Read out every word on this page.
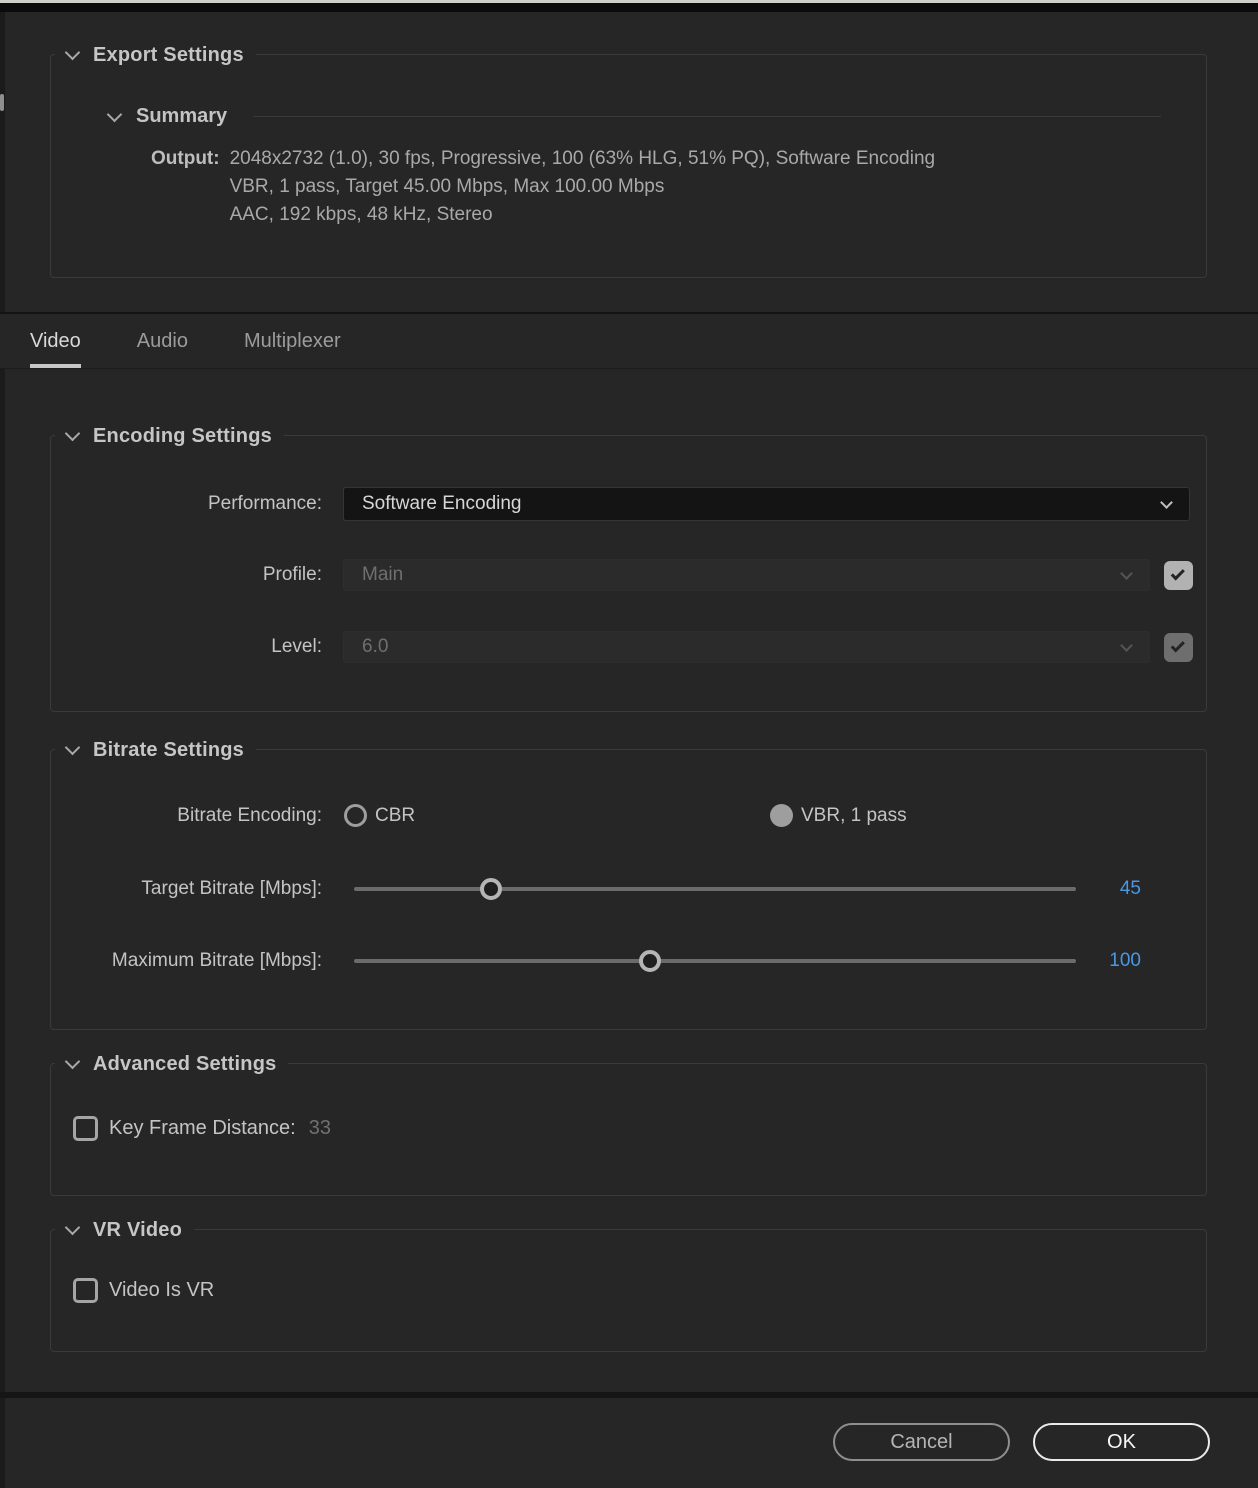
Export Settings
Summary
Output: 2048x2732 (1.0), 30 fps, Progressive, 100 (63% HLG, 51% PQ), Software Encoding
VBR, 1 pass, Target 45.00 Mbps, Max 100.00 Mbps
AAC, 192 kbps, 48 kHz, Stereo
Video	Audio	Multiplexer
Encoding Settings
Performance: Software Encoding
Profile: Main
Level: 6.0
Bitrate Settings
Bitrate Encoding:	CBR	VBR, 1 pass
Target Bitrate [Mbps]:	45
Maximum Bitrate [Mbps]:	100
Advanced Settings
Key Frame Distance: 33
VR Video
Video Is VR
Cancel	OK
